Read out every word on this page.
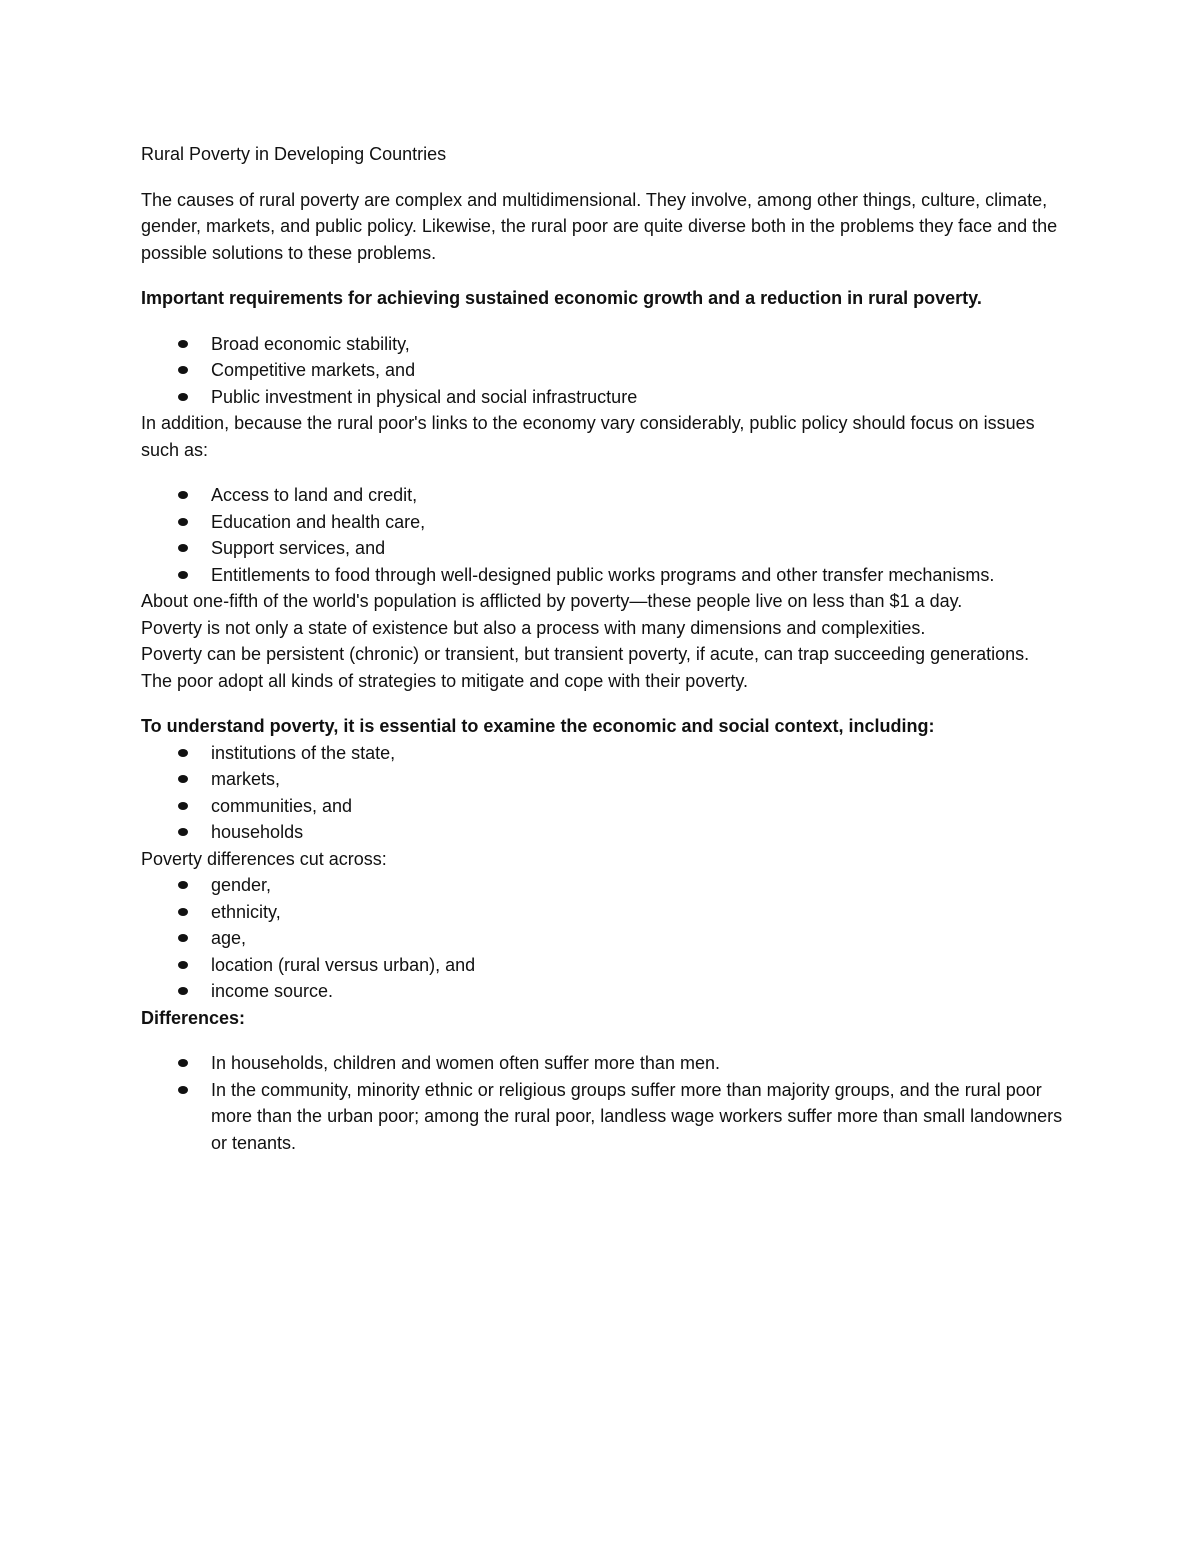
Rural Poverty in Developing Countries

The causes of rural poverty are complex and multidimensional. They involve, among other things, culture, climate, gender, markets, and public policy. Likewise, the rural poor are quite diverse both in the problems they face and the possible solutions to these problems.

Important requirements for achieving sustained economic growth and a reduction in rural poverty.

Broad economic stability,
Competitive markets, and
Public investment in physical and social infrastructure

In addition, because the rural poor's links to the economy vary considerably, public policy should focus on issues such as:

Access to land and credit,
Education and health care,
Support services, and
Entitlements to food through well-designed public works programs and other transfer mechanisms.

About one-fifth of the world's population is afflicted by poverty—these people live on less than $1 a day.

Poverty is not only a state of existence but also a process with many dimensions and complexities.

Poverty can be persistent (chronic) or transient, but transient poverty, if acute, can trap succeeding generations.

The poor adopt all kinds of strategies to mitigate and cope with their poverty.

To understand poverty, it is essential to examine the economic and social context, including:

institutions of the state,
markets,
communities, and
households

Poverty differences cut across:

gender,
ethnicity,
age,
location (rural versus urban), and
income source.

Differences:

In households, children and women often suffer more than men.
In the community, minority ethnic or religious groups suffer more than majority groups, and the rural poor more than the urban poor; among the rural poor, landless wage workers suffer more than small landowners or tenants.
